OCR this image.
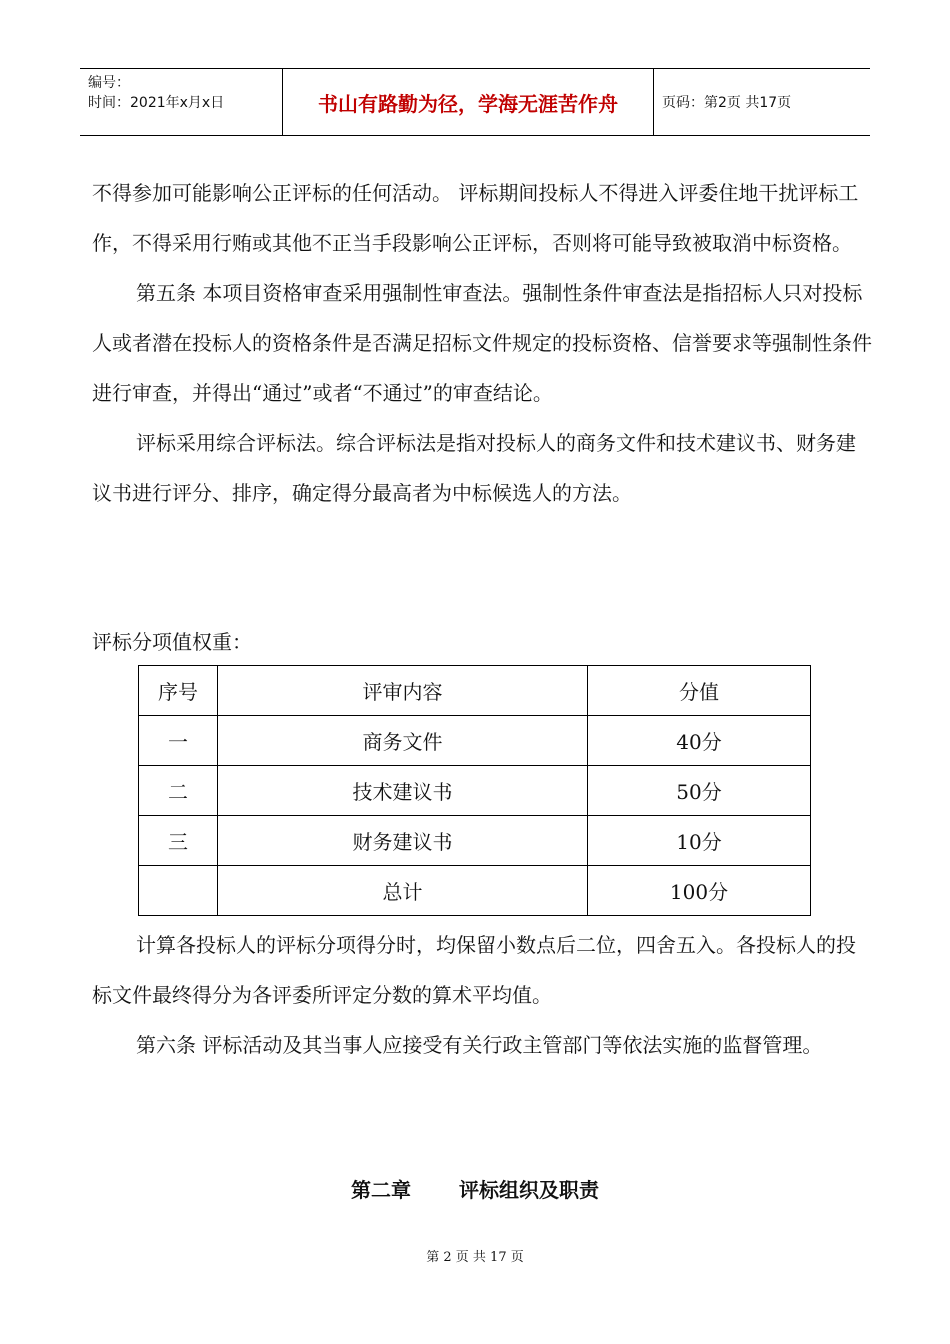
编号：
时间：2021年x月x日	书山有路勤为径，学海无涯苦作舟	页码：第2页 共17页

不得参加可能影响公正评标的任何活动。 评标期间投标人不得进入评委住地干扰评标工作，不得采用行贿或其他不正当手段影响公正评标，否则将可能导致被取消中标资格。

第五条 本项目资格审查采用强制性审查法。强制性条件审查法是指招标人只对投标人或者潜在投标人的资格条件是否满足招标文件规定的投标资格、信誉要求等强制性条件进行审查，并得出“通过”或者“不通过”的审查结论。

评标采用综合评标法。综合评标法是指对投标人的商务文件和技术建议书、财务建议书进行评分、排序，确定得分最高者为中标候选人的方法。

评标分项值权重：
序号	评审内容	分值
一	商务文件	40分
二	技术建议书	50分
三	财务建议书	10分
	总计	100分

计算各投标人的评标分项得分时，均保留小数点后二位，四舍五入。各投标人的投标文件最终得分为各评委所评定分数的算术平均值。

第六条 评标活动及其当事人应接受有关行政主管部门等依法实施的监督管理。

第二章 评标组织及职责
第 2 页 共 17 页
